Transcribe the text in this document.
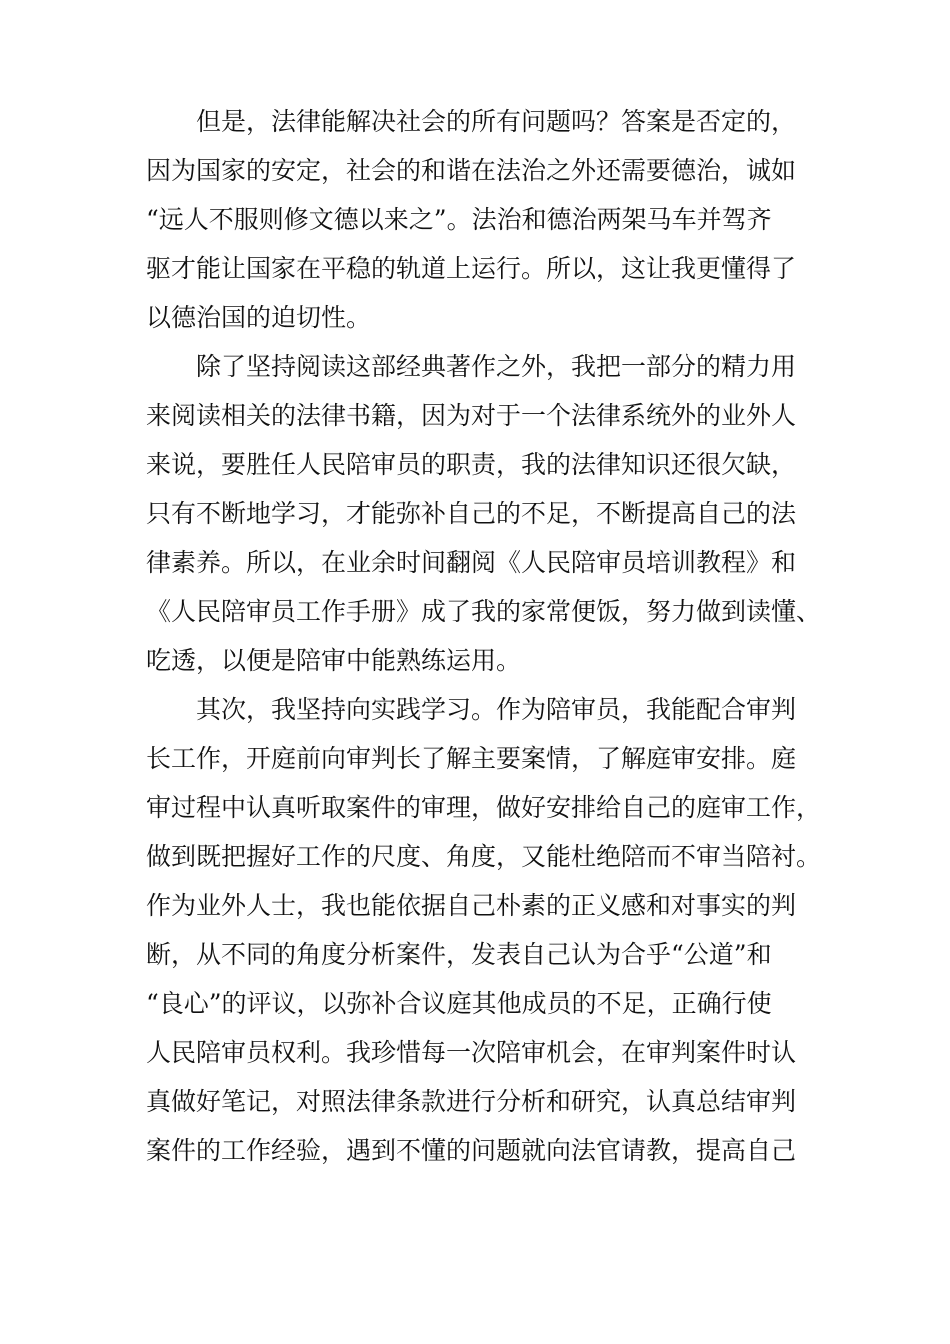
但是，法律能解决社会的所有问题吗？答案是否定的，
因为国家的安定，社会的和谐在法治之外还需要德治，诚如
“远人不服则修文德以来之”。法治和德治两架马车并驾齐
驱才能让国家在平稳的轨道上运行。所以，这让我更懂得了
以德治国的迫切性。
除了坚持阅读这部经典著作之外，我把一部分的精力用
来阅读相关的法律书籍，因为对于一个法律系统外的业外人
来说，要胜任人民陪审员的职责，我的法律知识还很欠缺，
只有不断地学习，才能弥补自己的不足，不断提高自己的法
律素养。所以，在业余时间翻阅《人民陪审员培训教程》和
《人民陪审员工作手册》成了我的家常便饭，努力做到读懂、
吃透，以便是陪审中能熟练运用。
其次，我坚持向实践学习。作为陪审员，我能配合审判
长工作，开庭前向审判长了解主要案情，了解庭审安排。庭
审过程中认真听取案件的审理，做好安排给自己的庭审工作，
做到既把握好工作的尺度、角度，又能杜绝陪而不审当陪衬。
作为业外人士，我也能依据自己朴素的正义感和对事实的判
断，从不同的角度分析案件，发表自己认为合乎“公道”和
“良心”的评议，以弥补合议庭其他成员的不足，正确行使
人民陪审员权利。我珍惜每一次陪审机会，在审判案件时认
真做好笔记，对照法律条款进行分析和研究，认真总结审判
案件的工作经验，遇到不懂的问题就向法官请教，提高自己
